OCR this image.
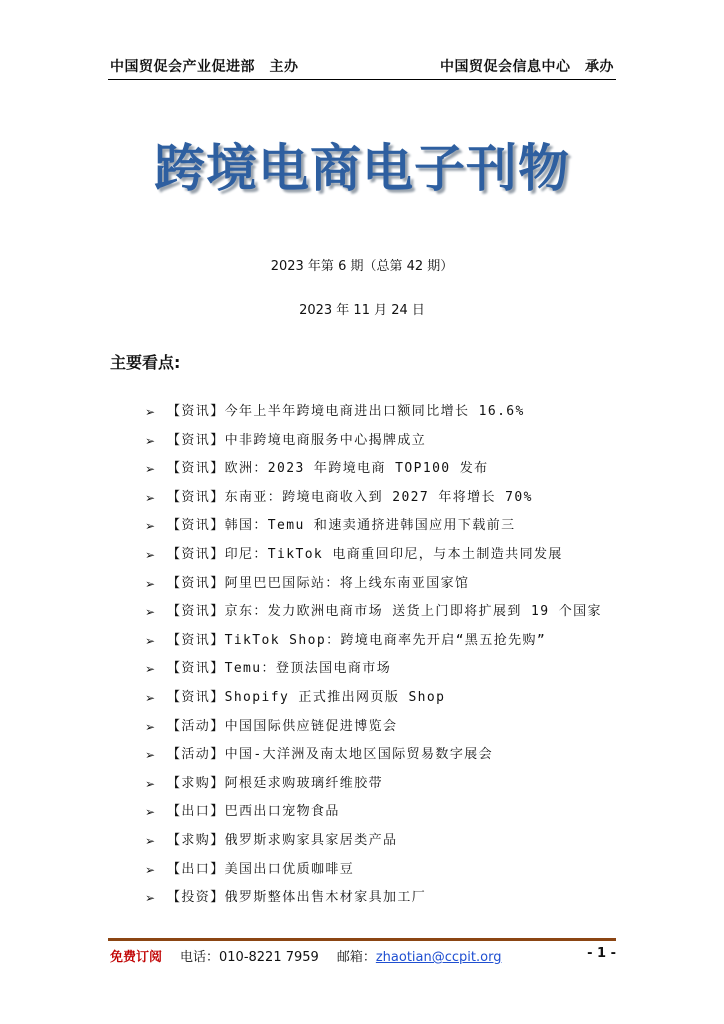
中国贸促会产业促进部　主办	中国贸促会信息中心　承办
跨境电商电子刊物
2023 年第 6 期（总第 42 期）
2023 年 11 月 24 日
主要看点:
➢ 【资讯】今年上半年跨境电商进出口额同比增长 16.6%
➢ 【资讯】中非跨境电商服务中心揭牌成立
➢ 【资讯】欧洲：2023 年跨境电商 TOP100 发布
➢ 【资讯】东南亚：跨境电商收入到 2027 年将增长 70%
➢ 【资讯】韩国：Temu 和速卖通挤进韩国应用下载前三
➢ 【资讯】印尼：TikTok 电商重回印尼，与本土制造共同发展
➢ 【资讯】阿里巴巴国际站：将上线东南亚国家馆
➢ 【资讯】京东：发力欧洲电商市场 送货上门即将扩展到 19 个国家
➢ 【资讯】TikTok Shop：跨境电商率先开启“黑五抢先购”
➢ 【资讯】Temu：登顶法国电商市场
➢ 【资讯】Shopify 正式推出网页版 Shop
➢ 【活动】中国国际供应链促进博览会
➢ 【活动】中国-大洋洲及南太地区国际贸易数字展会
➢ 【求购】阿根廷求购玻璃纤维胶带
➢ 【出口】巴西出口宠物食品
➢ 【求购】俄罗斯求购家具家居类产品
➢ 【出口】美国出口优质咖啡豆
➢ 【投资】俄罗斯整体出售木材家具加工厂
免费订阅 电话：010-8221 7959 邮箱：zhaotian@ccpit.org	- 1 -
